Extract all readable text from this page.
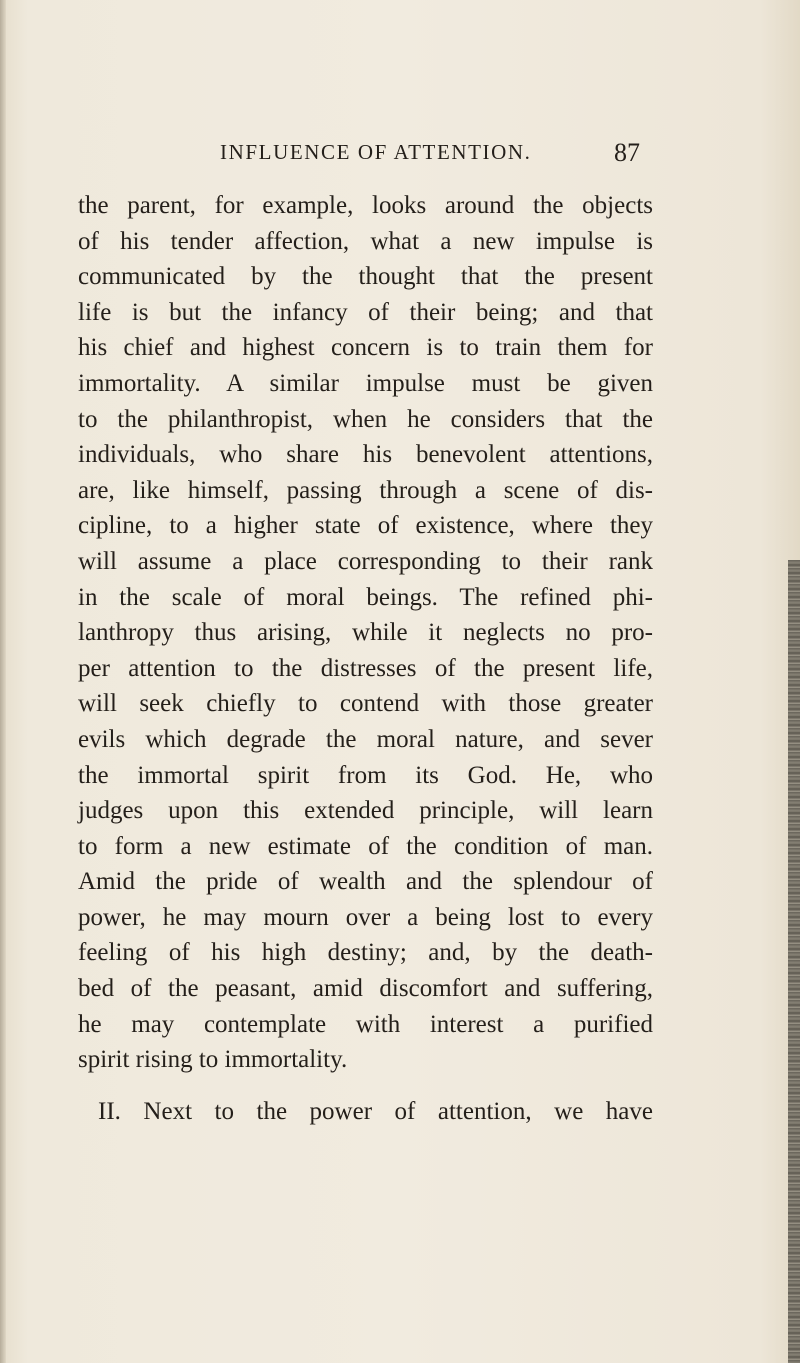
INFLUENCE OF ATTENTION.	87
the parent, for example, looks around the objects
of his tender affection, what a new impulse is
communicated by the thought that the present
life is but the infancy of their being; and that
his chief and highest concern is to train them for
immortality. A similar impulse must be given
to the philanthropist, when he considers that the
individuals, who share his benevolent attentions,
are, like himself, passing through a scene of dis-
cipline, to a higher state of existence, where they
will assume a place corresponding to their rank
in the scale of moral beings. The refined phi-
lanthropy thus arising, while it neglects no pro-
per attention to the distresses of the present life,
will seek chiefly to contend with those greater
evils which degrade the moral nature, and sever
the immortal spirit from its God. He, who
judges upon this extended principle, will learn
to form a new estimate of the condition of man.
Amid the pride of wealth and the splendour of
power, he may mourn over a being lost to every
feeling of his high destiny; and, by the death-
bed of the peasant, amid discomfort and suffering,
he may contemplate with interest a purified
spirit rising to immortality.
II. Next to the power of attention, we have
